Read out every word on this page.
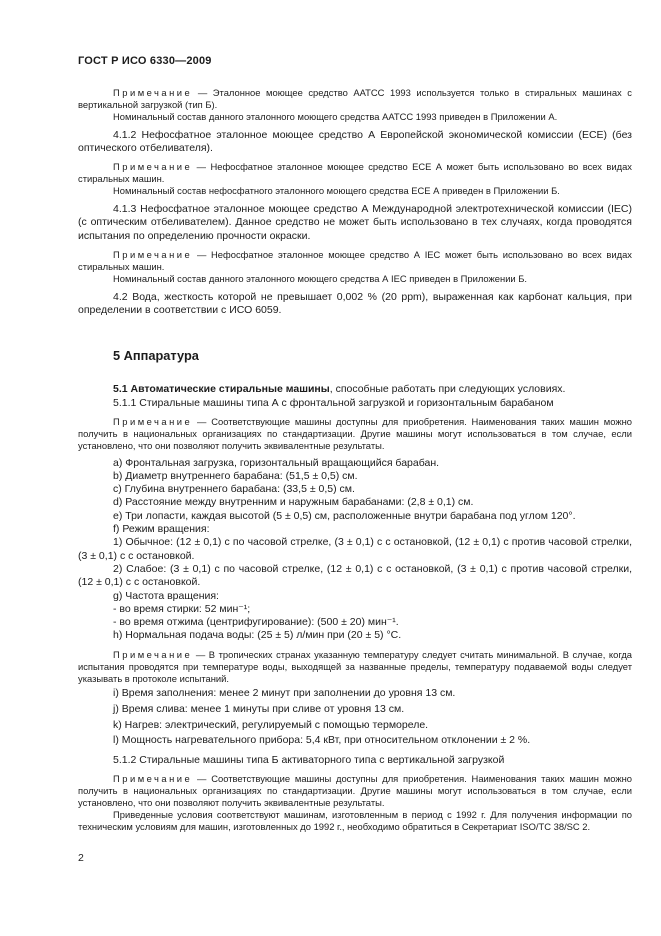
ГОСТ Р ИСО 6330—2009

Примечание — Эталонное моющее средство AATCC 1993 используется только в стиральных машинах с вертикальной загрузкой (тип Б).

Номинальный состав данного эталонного моющего средства AATCC 1993 приведен в Приложении А.

4.1.2 Нефосфатное эталонное моющее средство А Европейской экономической комиссии (ЕСЕ) (без оптического отбеливателя).

Примечание — Нефосфатное эталонное моющее средство ЕСЕ А может быть использовано во всех видах стиральных машин.

Номинальный состав нефосфатного эталонного моющего средства ЕСЕ А приведен в Приложении Б.

4.1.3 Нефосфатное эталонное моющее средство А Международной электротехнической комиссии (IEC) (с оптическим отбеливателем). Данное средство не может быть использовано в тех случаях, когда проводятся испытания по определению прочности окраски.

Примечание — Нефосфатное эталонное моющее средство А IEC может быть использовано во всех видах стиральных машин.

Номинальный состав данного эталонного моющего средства А IEC приведен в Приложении Б.

4.2 Вода, жесткость которой не превышает 0,002 % (20 ppm), выраженная как карбонат кальция, при определении в соответствии с ИСО 6059.

5 Аппаратура

5.1 Автоматические стиральные машины, способные работать при следующих условиях.

5.1.1 Стиральные машины типа А с фронтальной загрузкой и горизонтальным барабаном

Примечание — Соответствующие машины доступны для приобретения. Наименования таких машин можно получить в национальных организациях по стандартизации. Другие машины могут использоваться в том случае, если установлено, что они позволяют получить эквивалентные результаты.

a) Фронтальная загрузка, горизонтальный вращающийся барабан.

b) Диаметр внутреннего барабана: (51,5 ± 0,5) см.

c) Глубина внутреннего барабана: (33,5 ± 0,5) см.

d) Расстояние между внутренним и наружным барабанами: (2,8 ± 0,1) см.

e) Три лопасти, каждая высотой (5 ± 0,5) см, расположенные внутри барабана под углом 120°.

f) Режим вращения:

1) Обычное: (12 ± 0,1) с по часовой стрелке, (3 ± 0,1) с с остановкой, (12 ± 0,1) с против часовой стрелки, (3 ± 0,1) с с остановкой.

2) Слабое: (3 ± 0,1) с по часовой стрелке, (12 ± 0,1) с с остановкой, (3 ± 0,1) с против часовой стрелки, (12 ± 0,1) с с остановкой.

g) Частота вращения:

- во время стирки: 52 мин⁻¹;

- во время отжима (центрифугирование): (500 ± 20) мин⁻¹.

h) Нормальная подача воды: (25 ± 5) л/мин при (20 ± 5) °С.

Примечание — В тропических странах указанную температуру следует считать минимальной. В случае, когда испытания проводятся при температуре воды, выходящей за названные пределы, температуру подаваемой воды следует указывать в протоколе испытаний.

i) Время заполнения: менее 2 минут при заполнении до уровня 13 см.

j) Время слива: менее 1 минуты при сливе от уровня 13 см.

k) Нагрев: электрический, регулируемый с помощью термореле.

l) Мощность нагревательного прибора: 5,4 кВт, при относительном отклонении ± 2 %.

5.1.2 Стиральные машины типа Б активаторного типа с вертикальной загрузкой

Примечание — Соответствующие машины доступны для приобретения. Наименования таких машин можно получить в национальных организациях по стандартизации. Другие машины могут использоваться в том случае, если установлено, что они позволяют получить эквивалентные результаты.

Приведенные условия соответствуют машинам, изготовленным в период с 1992 г. Для получения информации по техническим условиям для машин, изготовленных до 1992 г., необходимо обратиться в Секретариат ISO/TC 38/SC 2.

2
